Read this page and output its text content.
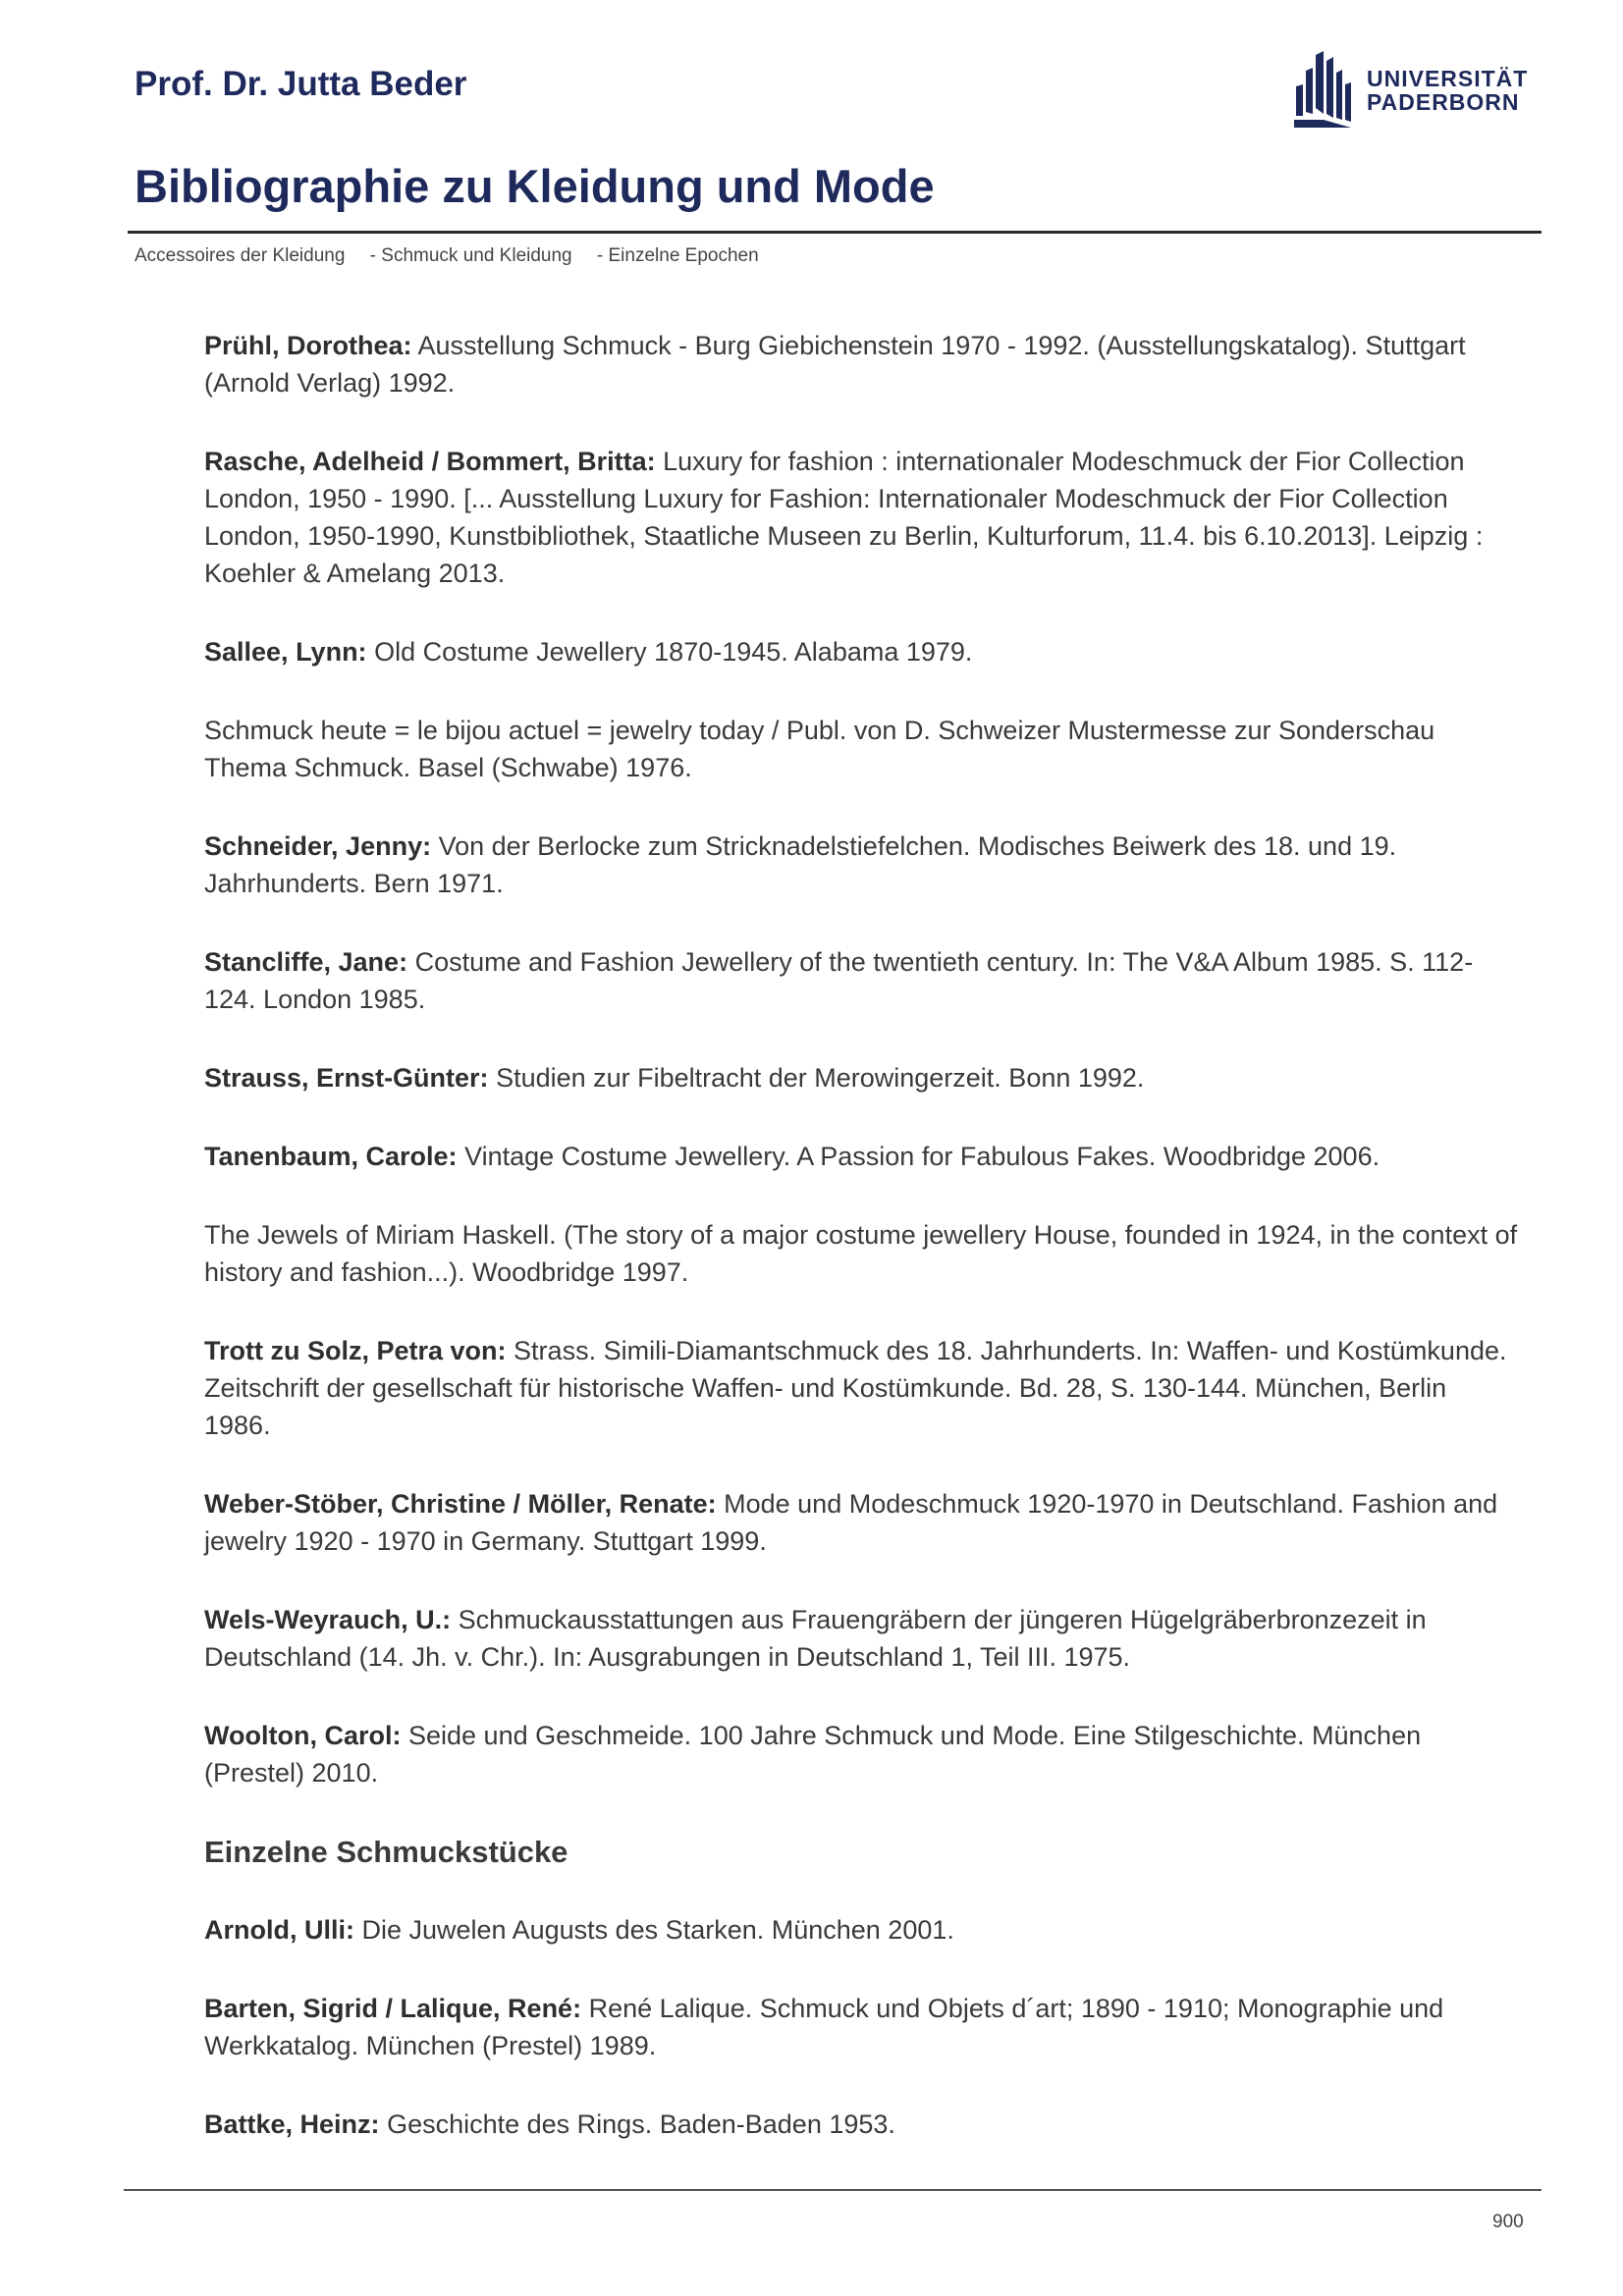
Prof. Dr. Jutta Beder	UNIVERSITÄT
PADERBORN
Bibliographie zu Kleidung und Mode
Accessoires der Kleidung - Schmuck und Kleidung - Einzelne Epochen

Prühl, Dorothea: Ausstellung Schmuck - Burg Giebichenstein 1970 - 1992. (Ausstellungskatalog). Stuttgart (Arnold Verlag) 1992.

Rasche, Adelheid / Bommert, Britta: Luxury for fashion : internationaler Modeschmuck der Fior Collection London, 1950 - 1990. [... Ausstellung Luxury for Fashion: Internationaler Modeschmuck der Fior Collection London, 1950-1990, Kunstbibliothek, Staatliche Museen zu Berlin, Kulturforum, 11.4. bis 6.10.2013]. Leipzig : Koehler & Amelang 2013.

Sallee, Lynn: Old Costume Jewellery 1870-1945. Alabama 1979.

Schmuck heute = le bijou actuel = jewelry today / Publ. von D. Schweizer Mustermesse zur Sonderschau Thema Schmuck. Basel (Schwabe) 1976.

Schneider, Jenny: Von der Berlocke zum Stricknadelstiefelchen. Modisches Beiwerk des 18. und 19. Jahrhunderts. Bern 1971.

Stancliffe, Jane: Costume and Fashion Jewellery of the twentieth century. In: The V&A Album 1985. S. 112-124. London 1985.

Strauss, Ernst-Günter: Studien zur Fibeltracht der Merowingerzeit. Bonn 1992.

Tanenbaum, Carole: Vintage Costume Jewellery. A Passion for Fabulous Fakes. Woodbridge 2006.

The Jewels of Miriam Haskell. (The story of a major costume jewellery House, founded in 1924, in the context of history and fashion...). Woodbridge 1997.

Trott zu Solz, Petra von: Strass. Simili-Diamantschmuck des 18. Jahrhunderts. In: Waffen- und Kostümkunde. Zeitschrift der gesellschaft für historische Waffen- und Kostümkunde. Bd. 28, S. 130-144. München, Berlin 1986.

Weber-Stöber, Christine / Möller, Renate: Mode und Modeschmuck 1920-1970 in Deutschland. Fashion and jewelry 1920 - 1970 in Germany. Stuttgart 1999.

Wels-Weyrauch, U.: Schmuckausstattungen aus Frauengräbern der jüngeren Hügelgräberbronzezeit in Deutschland (14. Jh. v. Chr.). In: Ausgrabungen in Deutschland 1, Teil III. 1975.

Woolton, Carol: Seide und Geschmeide. 100 Jahre Schmuck und Mode. Eine Stilgeschichte. München (Prestel) 2010.

Einzelne Schmuckstücke

Arnold, Ulli: Die Juwelen Augusts des Starken. München 2001.

Barten, Sigrid / Lalique, René: René Lalique. Schmuck und Objets d´art; 1890 - 1910; Monographie und Werkkatalog. München (Prestel) 1989.

Battke, Heinz: Geschichte des Rings. Baden-Baden 1953.

900
